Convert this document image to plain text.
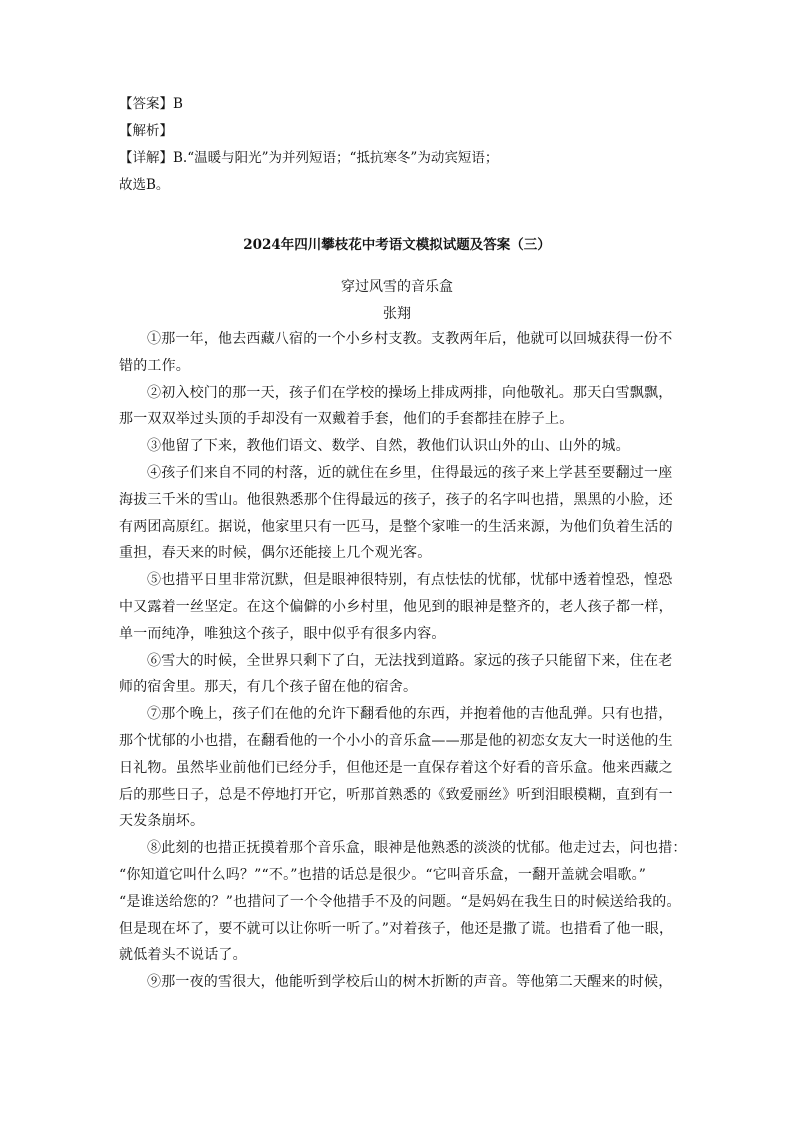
【答案】B
【解析】
【详解】B.“温暖与阳光”为并列短语；“抵抗寒冬”为动宾短语；
故选B。
2024年四川攀枝花中考语文模拟试题及答案（三）
穿过风雪的音乐盒
张翔
①那一年，他去西藏八宿的一个小乡村支教。支教两年后，他就可以回城获得一份不
错的工作。
②初入校门的那一天，孩子们在学校的操场上排成两排，向他敬礼。那天白雪飘飘，
那一双双举过头顶的手却没有一双戴着手套，他们的手套都挂在脖子上。
③他留了下来，教他们语文、数学、自然，教他们认识山外的山、山外的城。
④孩子们来自不同的村落，近的就住在乡里，住得最远的孩子来上学甚至要翻过一座
海拔三千米的雪山。他很熟悉那个住得最远的孩子，孩子的名字叫也措，黑黑的小脸，还
有两团高原红。据说，他家里只有一匹马，是整个家唯一的生活来源，为他们负着生活的
重担，春天来的时候，偶尔还能接上几个观光客。
⑤也措平日里非常沉默，但是眼神很特别，有点怯怯的忧郁，忧郁中透着惶恐，惶恐
中又露着一丝坚定。在这个偏僻的小乡村里，他见到的眼神是整齐的，老人孩子都一样，
单一而纯净，唯独这个孩子，眼中似乎有很多内容。
⑥雪大的时候，全世界只剩下了白，无法找到道路。家远的孩子只能留下来，住在老
师的宿舍里。那天，有几个孩子留在他的宿舍。
⑦那个晚上，孩子们在他的允许下翻看他的东西，并抱着他的吉他乱弹。只有也措，
那个忧郁的小也措，在翻看他的一个小小的音乐盒——那是他的初恋女友大一时送他的生
日礼物。虽然毕业前他们已经分手，但他还是一直保存着这个好看的音乐盒。他来西藏之
后的那些日子，总是不停地打开它，听那首熟悉的《致爱丽丝》听到泪眼模糊，直到有一
天发条崩坏。
⑧此刻的也措正抚摸着那个音乐盒，眼神是他熟悉的淡淡的忧郁。他走过去，问也措：
“你知道它叫什么吗？”“不。”也措的话总是很少。“它叫音乐盒，一翻开盖就会唱歌。”
“是谁送给您的？”也措问了一个令他措手不及的问题。“是妈妈在我生日的时候送给我的。
但是现在坏了，要不就可以让你听一听了。”对着孩子，他还是撒了谎。也措看了他一眼，
就低着头不说话了。
⑨那一夜的雪很大，他能听到学校后山的树木折断的声音。等他第二天醒来的时候，
